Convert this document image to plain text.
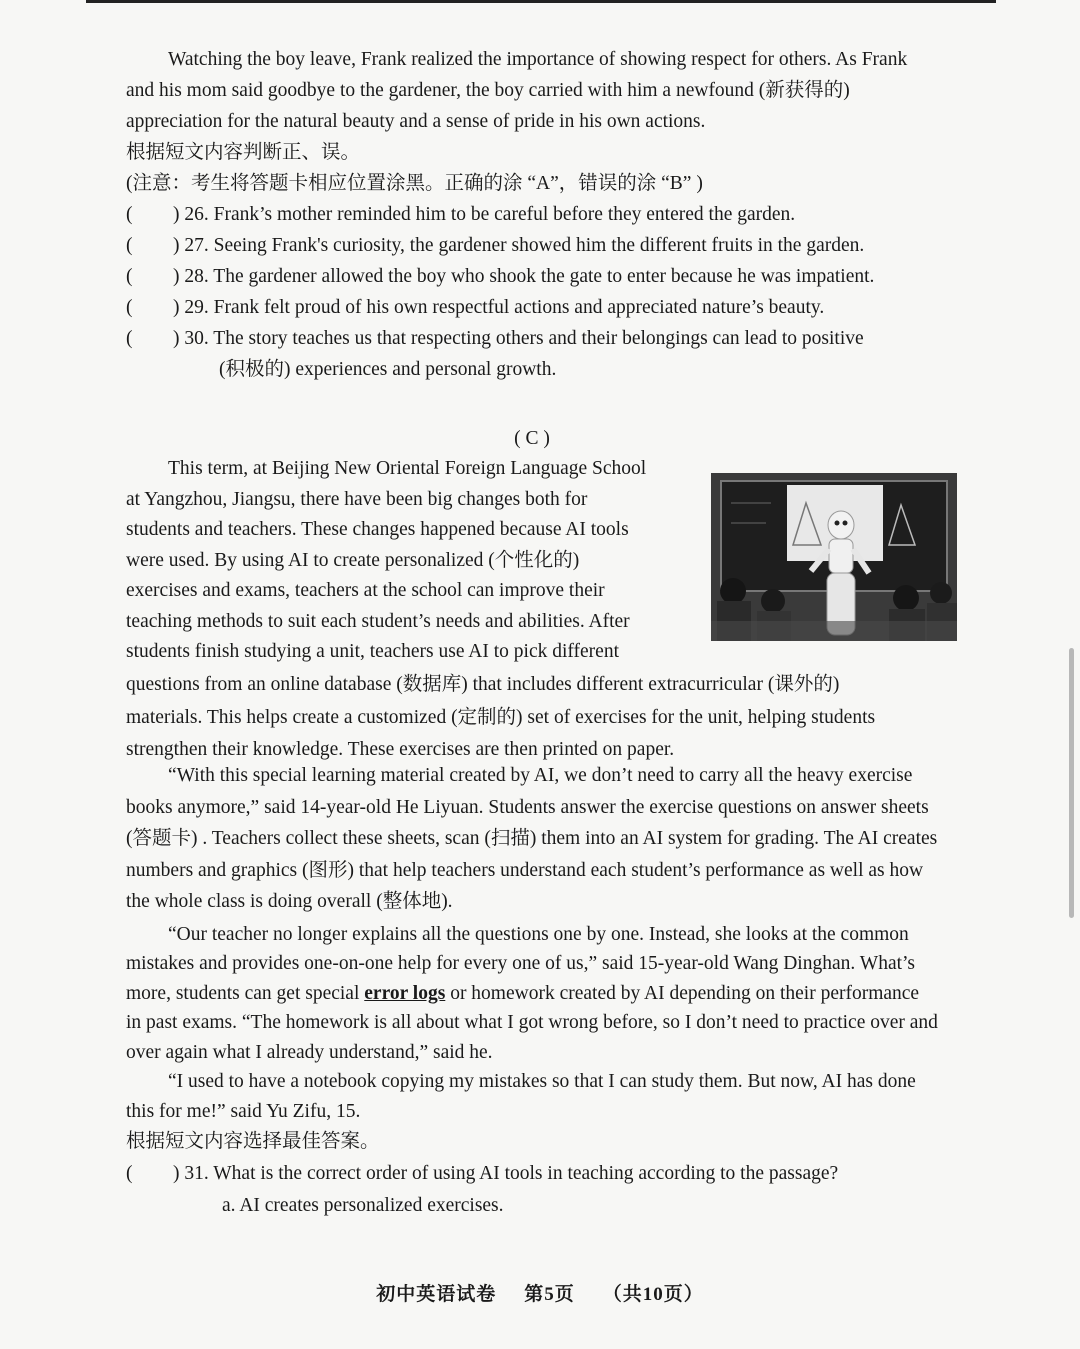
Watching the boy leave, Frank realized the importance of showing respect for others. As Frank and his mom said goodbye to the gardener, the boy carried with him a newfound (新获得的) appreciation for the natural beauty and a sense of pride in his own actions.

根据短文内容判断正、误。

(注意：考生将答题卡相应位置涂黑。正确的涂 “A”，错误的涂 “B” )

( ) 26. Frank’s mother reminded him to be careful before they entered the garden.
( ) 27. Seeing Frank's curiosity, the gardener showed him the different fruits in the garden.
( ) 28. The gardener allowed the boy who shook the gate to enter because he was impatient.
( ) 29. Frank felt proud of his own respectful actions and appreciated nature’s beauty.
( ) 30. The story teaches us that respecting others and their belongings can lead to positive
(积极的) experiences and personal growth.

( C )

This term, at Beijing New Oriental Foreign Language School
at Yangzhou, Jiangsu, there have been big changes both for
students and teachers. These changes happened because AI tools
were used. By using AI to create personalized (个性化的)
exercises and exams, teachers at the school can improve their
teaching methods to suit each student’s needs and abilities. After
students finish studying a unit, teachers use AI to pick different
questions from an online database (数据库) that includes different extracurricular (课外的)
materials. This helps create a customized (定制的) set of exercises for the unit, helping students
strengthen their knowledge. These exercises are then printed on paper.

“With this special learning material created by AI, we don’t need to carry all the heavy exercise books anymore,” said 14-year-old He Liyuan. Students answer the exercise questions on answer sheets (答题卡) . Teachers collect these sheets, scan (扫描) them into an AI system for grading. The AI creates numbers and graphics (图形) that help teachers understand each student’s performance as well as how the whole class is doing overall (整体地).

“Our teacher no longer explains all the questions one by one. Instead, she looks at the common mistakes and provides one-on-one help for every one of us,” said 15-year-old Wang Dinghan. What’s more, students can get special error logs or homework created by AI depending on their performance in past exams. “The homework is all about what I got wrong before, so I don’t need to practice over and over again what I already understand,” said he.

“I used to have a notebook copying my mistakes so that I can study them. But now, AI has done this for me!” said Yu Zifu, 15.

根据短文内容选择最佳答案。

( ) 31. What is the correct order of using AI tools in teaching according to the passage?
a. AI creates personalized exercises.
初中英语试卷 第5页 （共10页）
